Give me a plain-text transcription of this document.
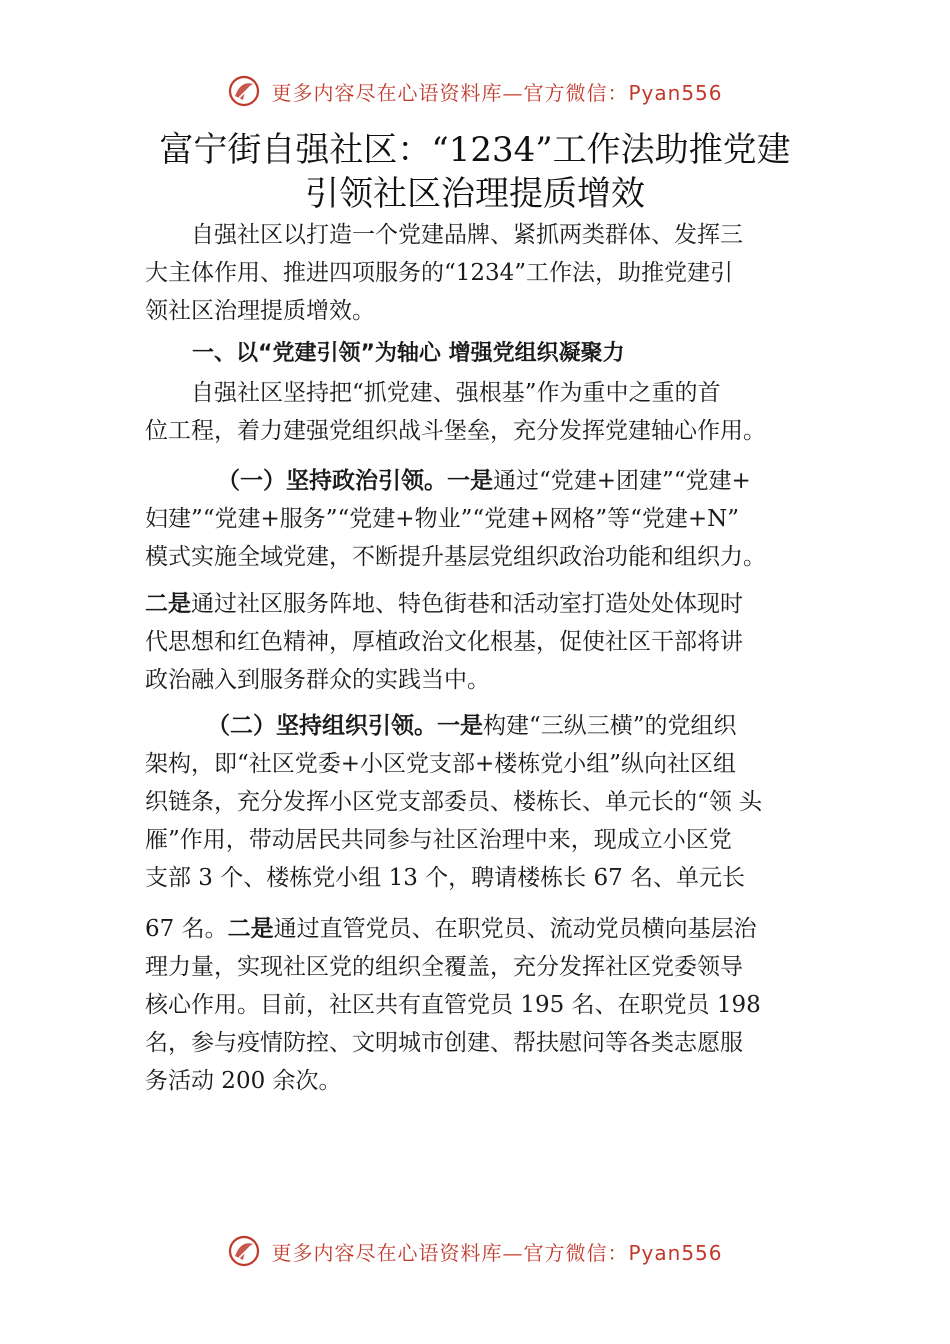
更多内容尽在心语资料库—官方微信：Pyan556
富宁街自强社区：“1234”工作法助推党建
引领社区治理提质增效
自强社区以打造一个党建品牌、紧抓两类群体、发挥三
大主体作用、推进四项服务的“1234”工作法，助推党建引
领社区治理提质增效。
一、以“党建引领”为轴心 增强党组织凝聚力
自强社区坚持把“抓党建、强根基”作为重中之重的首
位工程，着力建强党组织战斗堡垒，充分发挥党建轴心作用。
（一）坚持政治引领。一是通过“党建+团建”“党建+
妇建”“党建+服务”“党建+物业”“党建+网格”等“党建+N”
模式实施全域党建，不断提升基层党组织政治功能和组织力。
二是通过社区服务阵地、特色街巷和活动室打造处处体现时
代思想和红色精神，厚植政治文化根基，促使社区干部将讲
政治融入到服务群众的实践当中。
（二）坚持组织引领。一是构建“三纵三横”的党组织
架构，即“社区党委+小区党支部+楼栋党小组”纵向社区组
织链条，充分发挥小区党支部委员、楼栋长、单元长的“领 头
雁”作用，带动居民共同参与社区治理中来，现成立小区党
支部 3 个、楼栋党小组 13 个，聘请楼栋长 67 名、单元长
67 名。二是通过直管党员、在职党员、流动党员横向基层治
理力量，实现社区党的组织全覆盖，充分发挥社区党委领导
核心作用。目前，社区共有直管党员 195 名、在职党员 198
名，参与疫情防控、文明城市创建、帮扶慰问等各类志愿服
务活动 200 余次。
更多内容尽在心语资料库—官方微信：Pyan556
